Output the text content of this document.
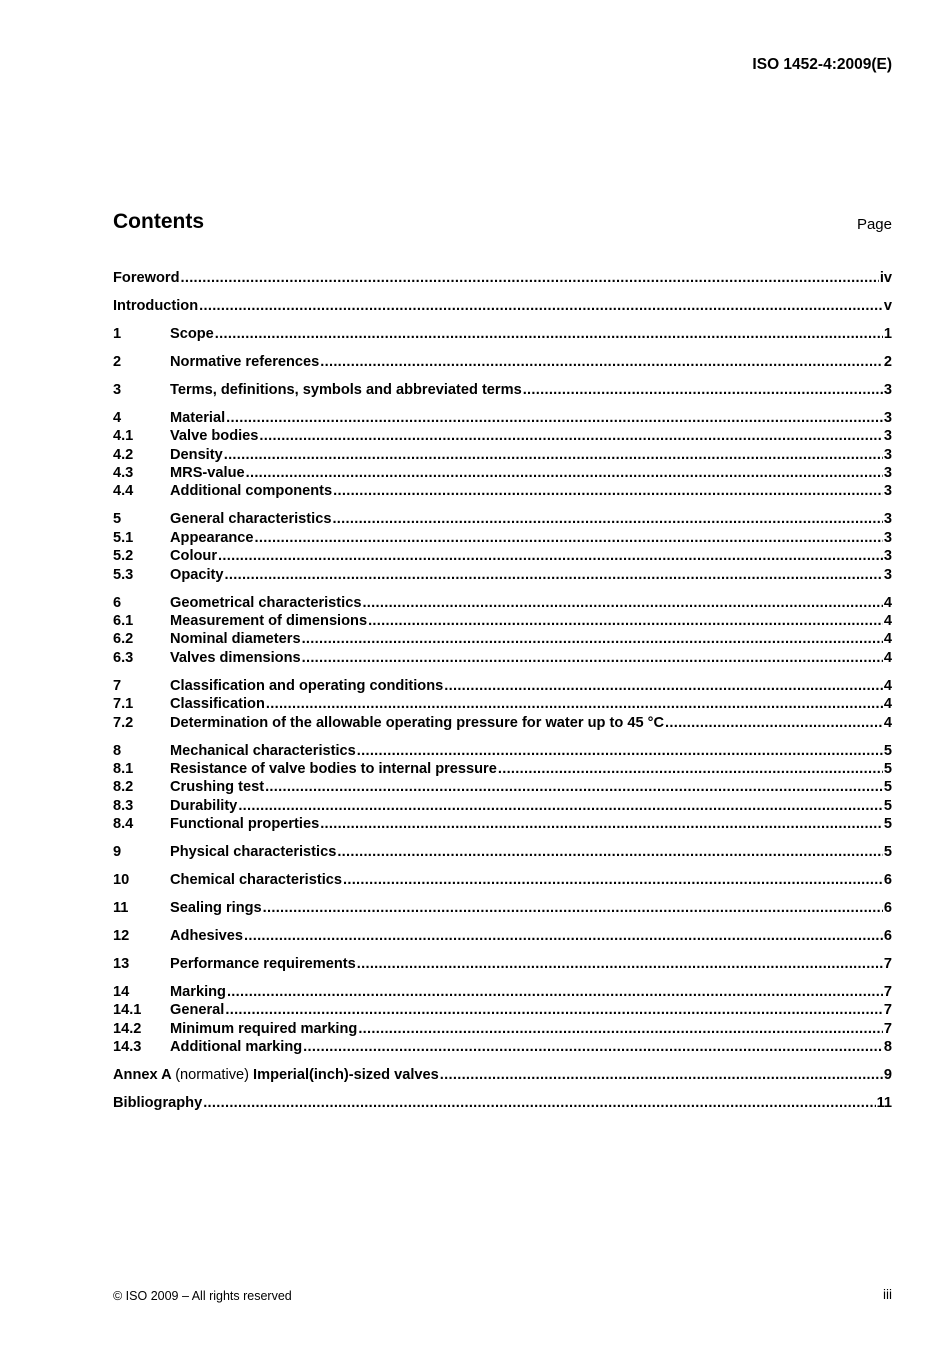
ISO 1452-4:2009(E)
Contents	Page
Foreword .....	iv
Introduction .....	v
1	Scope .....	1
2	Normative references .....	2
3	Terms, definitions, symbols and abbreviated terms .....	3
4	Material .....	3
4.1	Valve bodies .....	3
4.2	Density .....	3
4.3	MRS-value .....	3
4.4	Additional components .....	3
5	General characteristics .....	3
5.1	Appearance .....	3
5.2	Colour .....	3
5.3	Opacity .....	3
6	Geometrical characteristics .....	4
6.1	Measurement of dimensions .....	4
6.2	Nominal diameters .....	4
6.3	Valves dimensions .....	4
7	Classification and operating conditions .....	4
7.1	Classification .....	4
7.2	Determination of the allowable operating pressure for water up to 45 °C .....	4
8	Mechanical characteristics .....	5
8.1	Resistance of valve bodies to internal pressure .....	5
8.2	Crushing test .....	5
8.3	Durability .....	5
8.4	Functional properties .....	5
9	Physical characteristics .....	5
10	Chemical characteristics .....	6
11	Sealing rings .....	6
12	Adhesives .....	6
13	Performance requirements .....	7
14	Marking .....	7
14.1	General .....	7
14.2	Minimum required marking .....	7
14.3	Additional marking .....	8
Annex A (normative) Imperial(inch)-sized valves .....	9
Bibliography .....	11
© ISO 2009 – All rights reserved	iii
